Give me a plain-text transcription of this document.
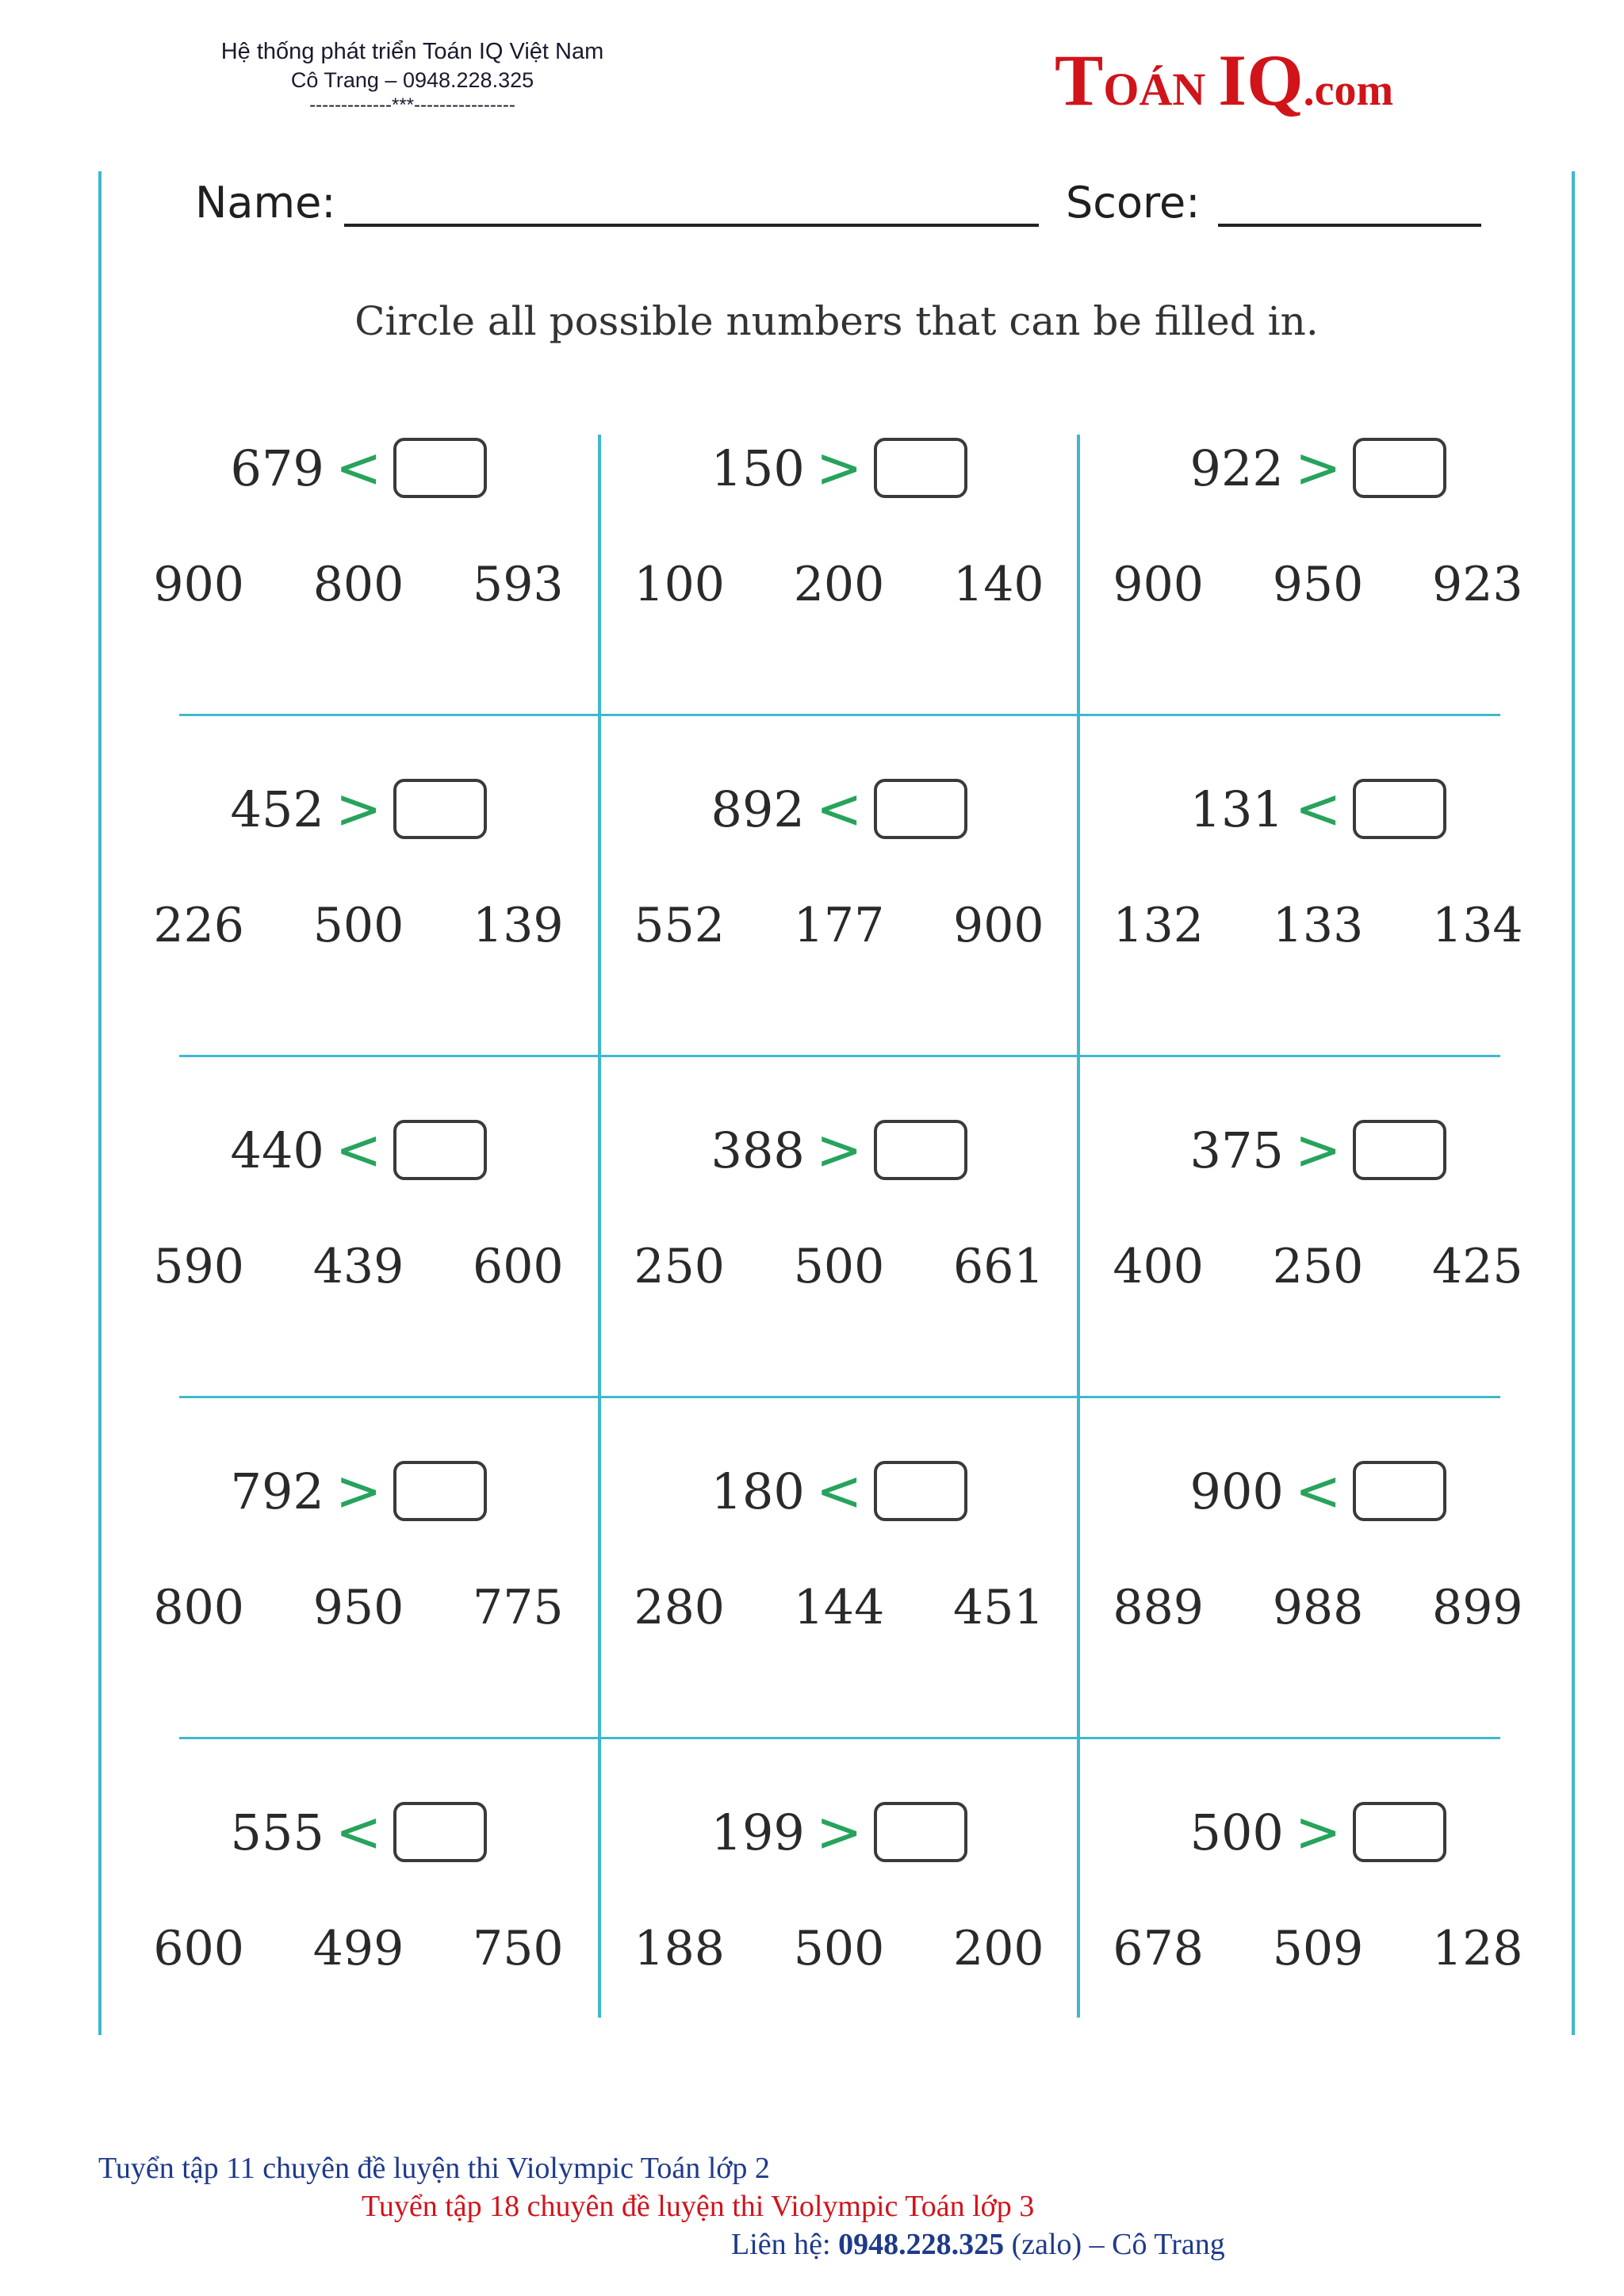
Hệ thống phát triển Toán IQ Việt Nam
Cô Trang – 0948.228.325
-------------***----------------	T OÁN IQ .com
Name:	Score:
Circle all possible numbers that can be filled in.
679 <
900 800 593
150 >
100 200 140
922 >
900 950 923
452 >
226 500 139
892 <
552 177 900
131 <
132 133 134
440 <
590 439 600
388 >
250 500 661
375 >
400 250 425
792 >
800 950 775
180 <
280 144 451
900 <
889 988 899
555 <
600 499 750
199 >
188 500 200
500 >
678 509 128
Tuyển tập 11 chuyên đề luyện thi Violympic Toán lớp 2
Tuyển tập 18 chuyên đề luyện thi Violympic Toán lớp 3
Liên hệ: 0948.228.325 (zalo) – Cô Trang
